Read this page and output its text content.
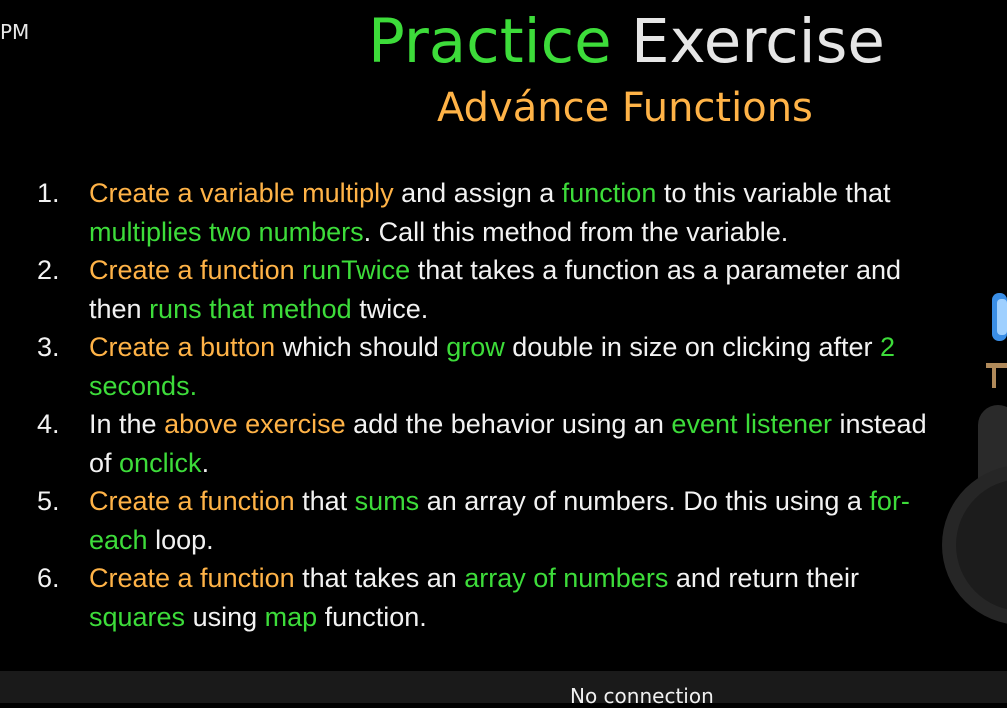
PM	Practice Exercise
Advánce Functions
1. Create a variable multiply and assign a function to this variable that multiplies two numbers. Call this method from the variable.
2. Create a function runTwice that takes a function as a parameter and then runs that method twice.
3. Create a button which should grow double in size on clicking after 2 seconds.
4. In the above exercise add the behavior using an event listener instead of onclick.
5. Create a function that sums an array of numbers. Do this using a for-each loop.
6. Create a function that takes an array of numbers and return their squares using map function.
No connection
